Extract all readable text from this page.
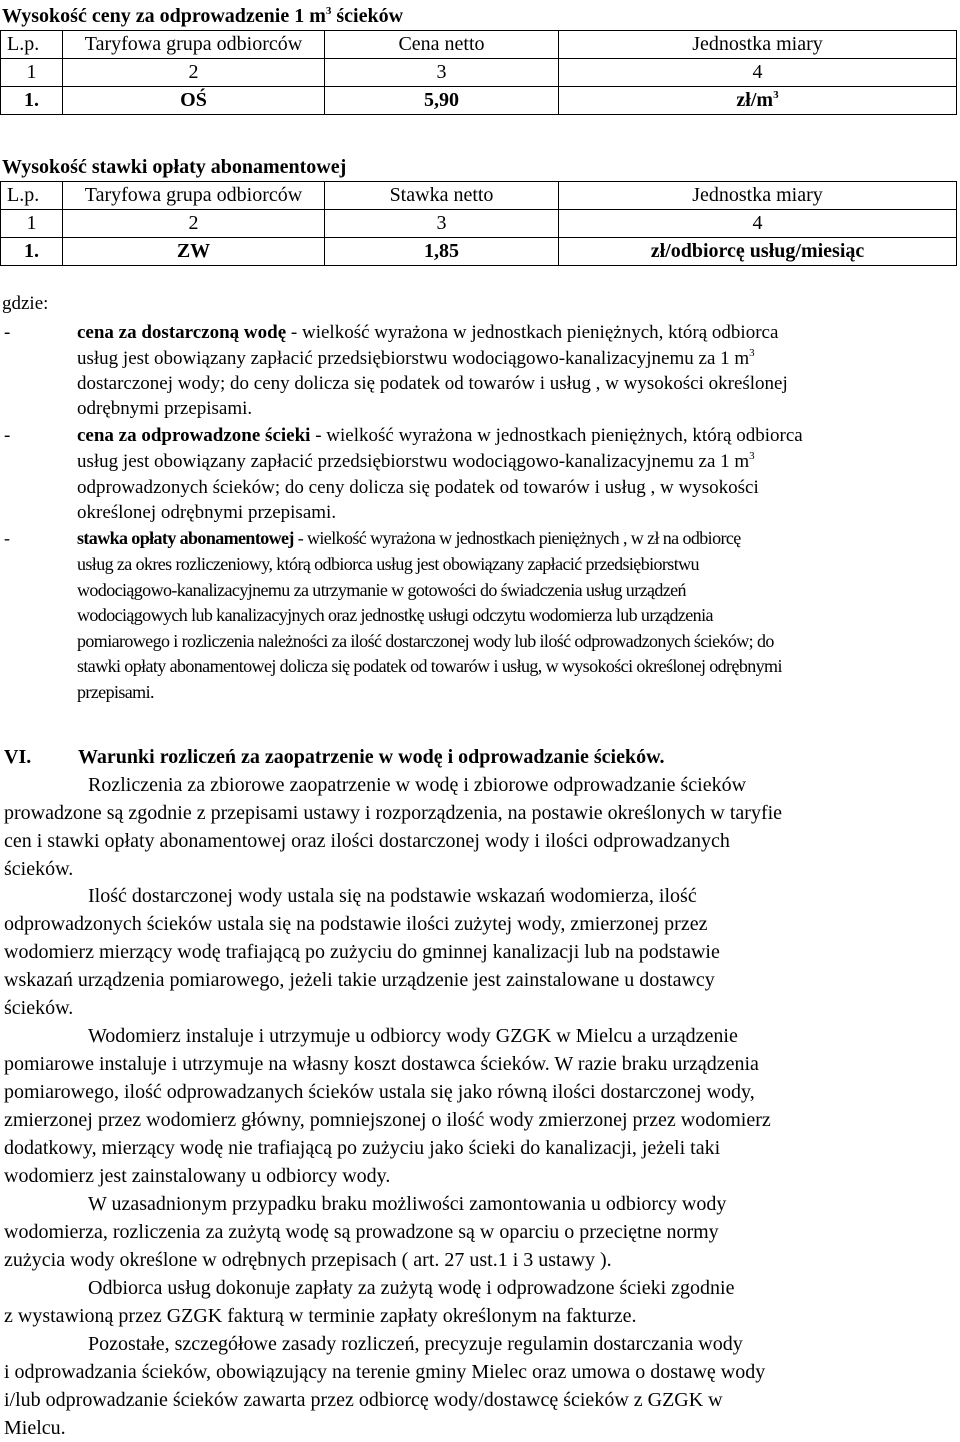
Wysokość ceny za odprowadzenie 1 $m^3$ ścieków
L.p.	Taryfowa grupa odbiorców	Cena netto	Jednostka miary
1	2	3	4
1.	OŚ	5,90	$zł/m^3$
Wysokość stawki opłaty abonamentowej
L.p.	Taryfowa grupa odbiorców	Stawka netto	Jednostka miary
1	2	3	4
1.	ZW	1,85	zł/odbiorcę usług/miesiąc
gdzie:
-	cena za dostarczoną wodę - wielkość wyrażona w jednostkach pieniężnych, którą odbiorca
usług jest obowiązany zapłacić przedsiębiorstwu wodociągowo-kanalizacyjnemu za 1 $m^3$
dostarczonej wody; do ceny dolicza się podatek od towarów i usług , w wysokości określonej
odrębnymi przepisami.
-	cena za odprowadzone ścieki - wielkość wyrażona w jednostkach pieniężnych, którą odbiorca
usług jest obowiązany zapłacić przedsiębiorstwu wodociągowo-kanalizacyjnemu za 1 $m^3$
odprowadzonych ścieków; do ceny dolicza się podatek od towarów i usług , w wysokości
określonej odrębnymi przepisami.
-	stawka opłaty abonamentowej - wielkość wyrażona w jednostkach pieniężnych , w zł na odbiorcę
usług za okres rozliczeniowy, którą odbiorca usług jest obowiązany zapłacić przedsiębiorstwu
wodociągowo-kanalizacyjnemu za utrzymanie w gotowości do świadczenia usług urządzeń
wodociągowych lub kanalizacyjnych oraz jednostkę usługi odczytu wodomierza lub urządzenia
pomiarowego i rozliczenia należności za ilość dostarczonej wody lub ilość odprowadzonych ścieków; do
stawki opłaty abonamentowej dolicza się podatek od towarów i usług, w wysokości określonej odrębnymi
przepisami.
VI. Warunki rozliczeń za zaopatrzenie w wodę i odprowadzanie ścieków.
Rozliczenia za zbiorowe zaopatrzenie w wodę i zbiorowe odprowadzanie ścieków
prowadzone są zgodnie z przepisami ustawy i rozporządzenia, na postawie określonych w taryfie
cen i stawki opłaty abonamentowej oraz ilości dostarczonej wody i ilości odprowadzanych
ścieków.
Ilość dostarczonej wody ustala się na podstawie wskazań wodomierza, ilość
odprowadzonych ścieków ustala się na podstawie ilości zużytej wody, zmierzonej przez
wodomierz mierzący wodę trafiającą po zużyciu do gminnej kanalizacji lub na podstawie
wskazań urządzenia pomiarowego, jeżeli takie urządzenie jest zainstalowane u dostawcy
ścieków.
Wodomierz instaluje i utrzymuje u odbiorcy wody GZGK w Mielcu a urządzenie
pomiarowe instaluje i utrzymuje na własny koszt dostawca ścieków. W razie braku urządzenia
pomiarowego, ilość odprowadzanych ścieków ustala się jako równą ilości dostarczonej wody,
zmierzonej przez wodomierz główny, pomniejszonej o ilość wody zmierzonej przez wodomierz
dodatkowy, mierzący wodę nie trafiającą po zużyciu jako ścieki do kanalizacji, jeżeli taki
wodomierz jest zainstalowany u odbiorcy wody.
W uzasadnionym przypadku braku możliwości zamontowania u odbiorcy wody
wodomierza, rozliczenia za zużytą wodę są prowadzone są w oparciu o przeciętne normy
zużycia wody określone w odrębnych przepisach ( art. 27 ust.1 i 3 ustawy ).
Odbiorca usług dokonuje zapłaty za zużytą wodę i odprowadzone ścieki zgodnie
z wystawioną przez GZGK fakturą w terminie zapłaty określonym na fakturze.
Pozostałe, szczegółowe zasady rozliczeń, precyzuje regulamin dostarczania wody
i odprowadzania ścieków, obowiązujący na terenie gminy Mielec oraz umowa o dostawę wody
i/lub odprowadzanie ścieków zawarta przez odbiorcę wody/dostawcę ścieków z GZGK w
Mielcu.
